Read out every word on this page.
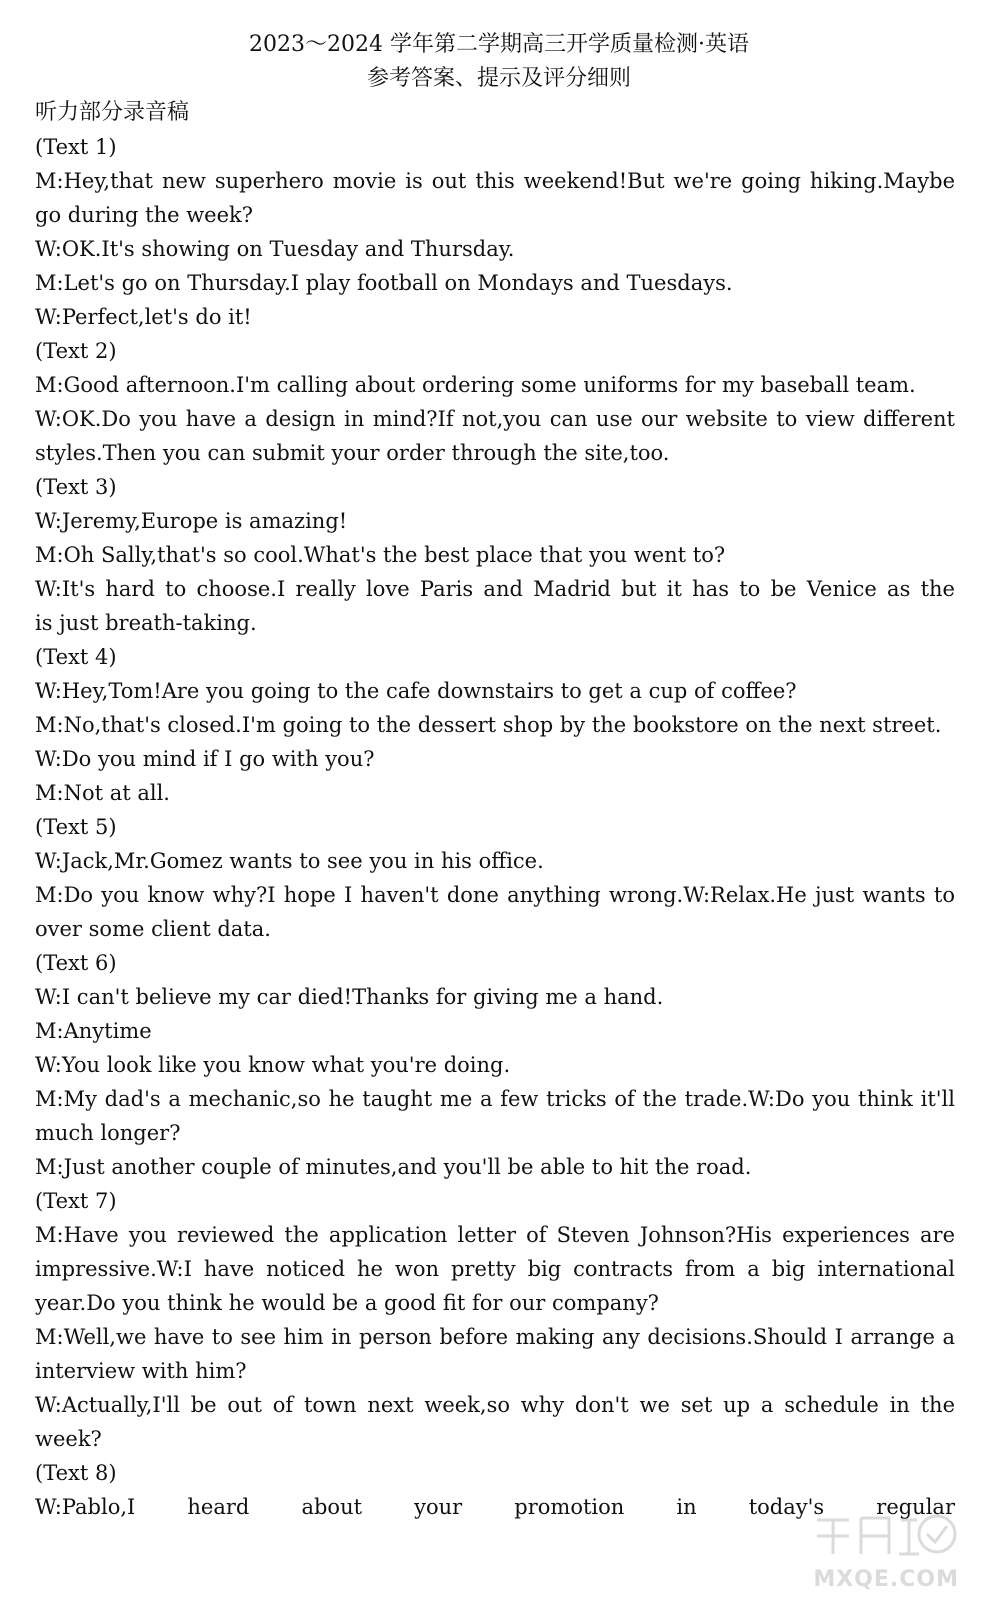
2023～2024 学年第二学期高三开学质量检测·英语
参考答案、提示及评分细则
听力部分录音稿
(Text 1)
M:Hey,that new superhero movie is out this weekend!But we're going hiking.Maybe
go during the week?
W:OK.It's showing on Tuesday and Thursday.
M:Let's go on Thursday.I play football on Mondays and Tuesdays.
W:Perfect,let's do it!
(Text 2)
M:Good afternoon.I'm calling about ordering some uniforms for my baseball team.
W:OK.Do you have a design in mind?If not,you can use our website to view different
styles.Then you can submit your order through the site,too.
(Text 3)
W:Jeremy,Europe is amazing!
M:Oh Sally,that's so cool.What's the best place that you went to?
W:It's hard to choose.I really love Paris and Madrid but it has to be Venice as the
is just breath-taking.
(Text 4)
W:Hey,Tom!Are you going to the cafe downstairs to get a cup of coffee?
M:No,that's closed.I'm going to the dessert shop by the bookstore on the next street.
W:Do you mind if I go with you?
M:Not at all.
(Text 5)
W:Jack,Mr.Gomez wants to see you in his office.
M:Do you know why?I hope I haven't done anything wrong.W:Relax.He just wants to
over some client data.
(Text 6)
W:I can't believe my car died!Thanks for giving me a hand.
M:Anytime
W:You look like you know what you're doing.
M:My dad's a mechanic,so he taught me a few tricks of the trade.W:Do you think it'll
much longer?
M:Just another couple of minutes,and you'll be able to hit the road.
(Text 7)
M:Have you reviewed the application letter of Steven Johnson?His experiences are
impressive.W:I have noticed he won pretty big contracts from a big international
year.Do you think he would be a good fit for our company?
M:Well,we have to see him in person before making any decisions.Should I arrange a
interview with him?
W:Actually,I'll be out of town next week,so why don't we set up a schedule in the
week?
(Text 8)
W:Pablo,I heard about your promotion in today's regular
MXQE.COM
